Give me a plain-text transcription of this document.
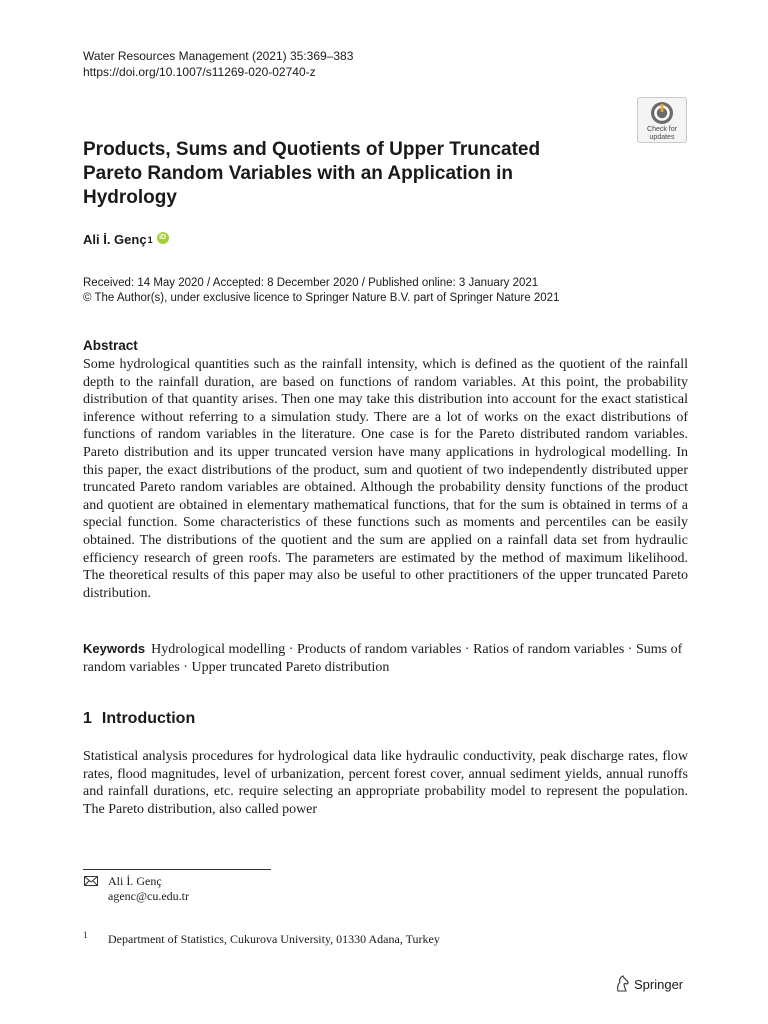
Water Resources Management (2021) 35:369–383
https://doi.org/10.1007/s11269-020-02740-z
Check for
updates
Products, Sums and Quotients of Upper Truncated Pareto Random Variables with an Application in Hydrology
Ali İ. Genç 1 iD
Received: 14 May 2020 / Accepted: 8 December 2020 / Published online: 3 January 2021
© The Author(s), under exclusive licence to Springer Nature B.V. part of Springer Nature 2021
Abstract

Some hydrological quantities such as the rainfall intensity, which is defined as the quotient of the rainfall depth to the rainfall duration, are based on functions of random variables. At this point, the probability distribution of that quantity arises. Then one may take this distribution into account for the exact statistical inference without referring to a simulation study. There are a lot of works on the exact distributions of functions of random variables in the literature. One case is for the Pareto distributed random variables. Pareto distribution and its upper truncated version have many applications in hydrological modelling. In this paper, the exact distributions of the product, sum and quotient of two independently distributed upper truncated Pareto random variables are obtained. Although the probability density functions of the product and quotient are obtained in elementary mathematical functions, that for the sum is obtained in terms of a special function. Some characteristics of these functions such as moments and percentiles can be easily obtained. The distributions of the quotient and the sum are applied on a rainfall data set from hydraulic efficiency research of green roofs. The parameters are estimated by the method of maximum likelihood. The theoretical results of this paper may also be useful to other practitioners of the upper truncated Pareto distribution.

Keywords Hydrological modelling · Products of random variables · Ratios of random variables · Sums of random variables · Upper truncated Pareto distribution

1 Introduction

Statistical analysis procedures for hydrological data like hydraulic conductivity, peak discharge rates, flow rates, flood magnitudes, level of urbanization, percent forest cover, annual sediment yields, annual runoffs and rainfall durations, etc. require selecting an appropriate probability model to represent the population. The Pareto distribution, also called power

Ali İ. Genç
agenc@cu.edu.tr
1 Department of Statistics, Cukurova University, 01330 Adana, Turkey
Springer
